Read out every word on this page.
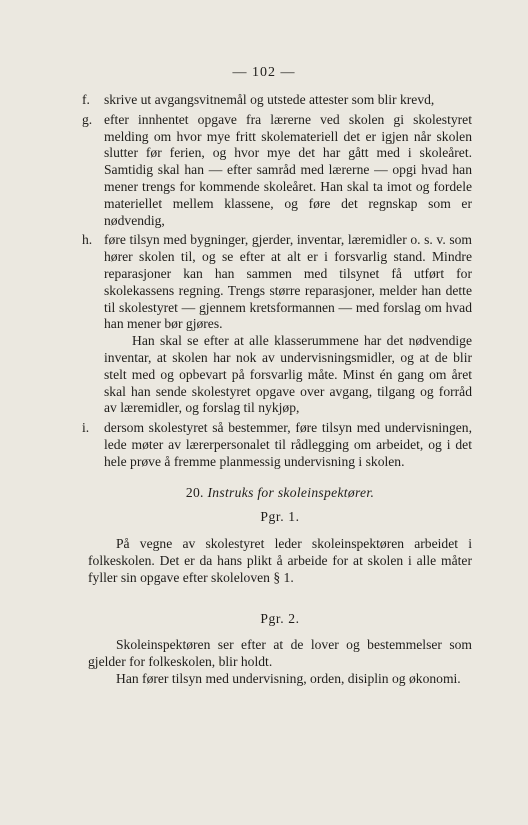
— 102 —
f. skrive ut avgangsvitnemål og utstede attester som blir krevd,
g. efter innhentet opgave fra lærerne ved skolen gi skolestyret melding om hvor mye fritt skolemateriell det er igjen når skolen slutter før ferien, og hvor mye det har gått med i skoleåret. Samtidig skal han — efter samråd med lærerne — opgi hvad han mener trengs for kommende skoleåret. Han skal ta imot og fordele materiellet mellem klassene, og føre det regnskap som er nødvendig,
h. føre tilsyn med bygninger, gjerder, inventar, læremidler o. s. v. som hører skolen til, og se efter at alt er i forsvarlig stand. Mindre reparasjoner kan han sammen med tilsynet få utført for skolekassens regning. Trengs større reparasjoner, melder han dette til skolestyret — gjennem kretsformannen — med forslag om hvad han mener bør gjøres.
Han skal se efter at alle klasserummene har det nødvendige inventar, at skolen har nok av undervisningsmidler, og at de blir stelt med og opbevart på forsvarlig måte. Minst én gang om året skal han sende skolestyret opgave over avgang, tilgang og forråd av læremidler, og forslag til nykjøp,
i. dersom skolestyret så bestemmer, føre tilsyn med undervisningen, lede møter av lærerpersonalet til rådlegging om arbeidet, og i det hele prøve å fremme planmessig undervisning i skolen.
20. Instruks for skoleinspektører.
Pgr. 1.
På vegne av skolestyret leder skoleinspektøren arbeidet i folkeskolen. Det er da hans plikt å arbeide for at skolen i alle måter fyller sin opgave efter skoleloven § 1.
Pgr. 2.
Skoleinspektøren ser efter at de lover og bestemmelser som gjelder for folkeskolen, blir holdt.
Han fører tilsyn med undervisning, orden, disiplin og økonomi.
